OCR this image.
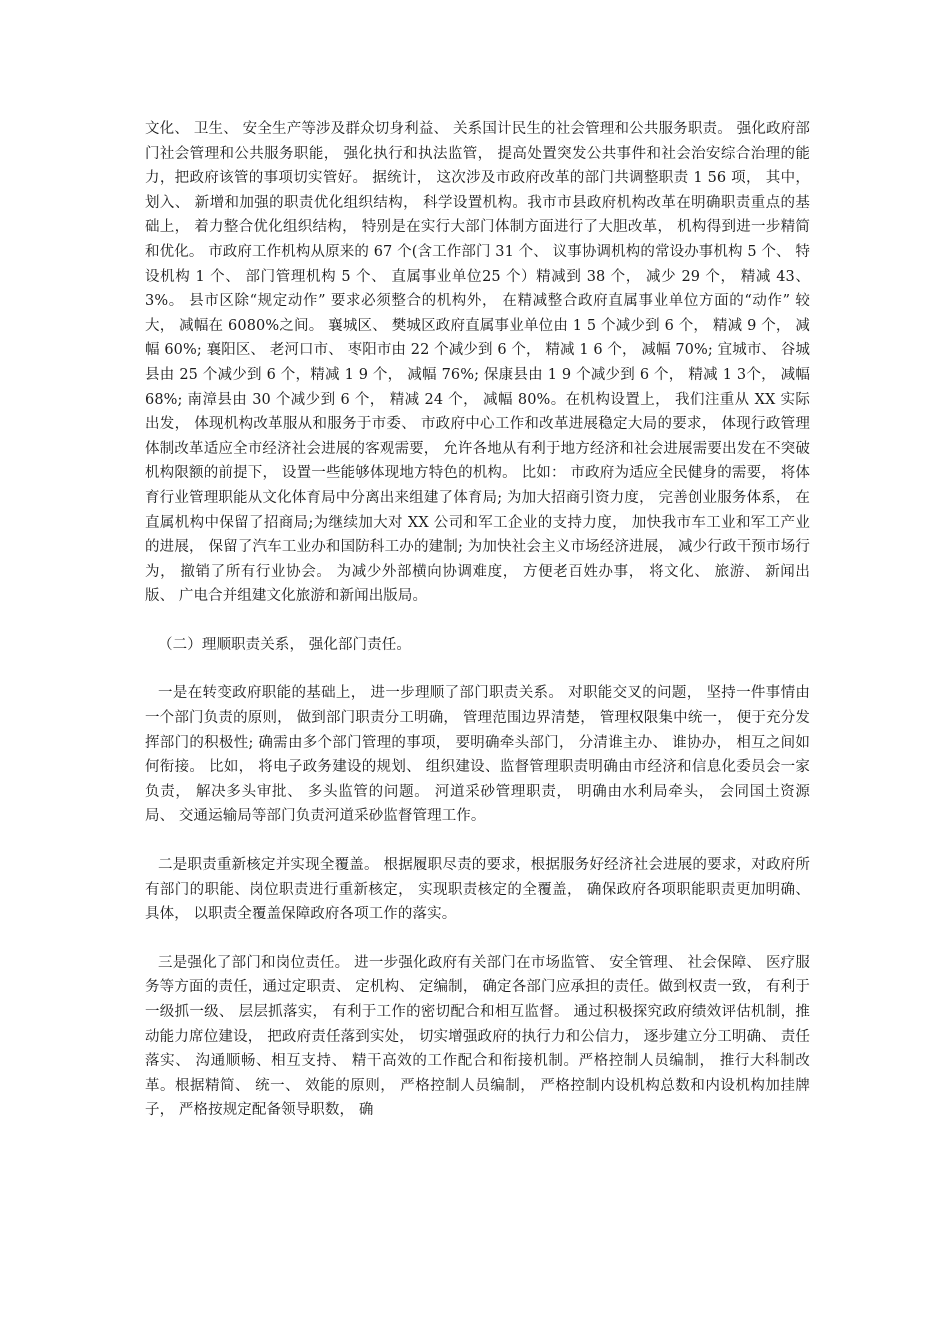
文化、 卫生、 安全生产等涉及群众切身利益、 关系国计民生的社会管理和公共服务职责。 强化政府部门社会管理和公共服务职能， 强化执行和执法监管， 提高处置突发公共事件和社会治安综合治理的能力，把政府该管的事项切实管好。 据统计， 这次涉及市政府改革的部门共调整职责 1 56 项， 其中， 划入、 新增和加强的职责优化组织结构， 科学设置机构。我市市县政府机构改革在明确职责重点的基础上， 着力整合优化组织结构， 特别是在实行大部门体制方面进行了大胆改革， 机构得到进一步精简和优化。 市政府工作机构从原来的 67 个(含工作部门 31 个、 议事协调机构的常设办事机构 5 个、 特设机构 1 个、 部门管理机构 5 个、 直属事业单位25 个）精减到 38 个， 减少 29 个， 精减 43、 3%。 县市区除“规定动作” 要求必须整合的机构外， 在精减整合政府直属事业单位方面的“动作” 较大， 减幅在 6080%之间。 襄城区、 樊城区政府直属事业单位由 1 5 个减少到 6 个， 精减 9 个， 减幅 60%; 襄阳区、 老河口市、 枣阳市由 22 个减少到 6 个， 精减 1 6 个， 减幅 70%; 宜城市、 谷城县由 25 个减少到 6 个，精减 1 9 个， 减幅 76%; 保康县由 1 9 个减少到 6 个， 精减 1 3个， 减幅 68%; 南漳县由 30 个减少到 6 个， 精减 24 个， 减幅 80%。在机构设置上， 我们注重从 XX 实际出发， 体现机构改革服从和服务于市委、 市政府中心工作和改革进展稳定大局的要求， 体现行政管理体制改革适应全市经济社会进展的客观需要， 允许各地从有利于地方经济和社会进展需要出发在不突破机构限额的前提下， 设置一些能够体现地方特色的机构。 比如： 市政府为适应全民健身的需要， 将体育行业管理职能从文化体育局中分离出来组建了体育局; 为加大招商引资力度， 完善创业服务体系， 在直属机构中保留了招商局;为继续加大对 XX 公司和军工企业的支持力度， 加快我市车工业和军工产业的进展， 保留了汽车工业办和国防科工办的建制; 为加快社会主义市场经济进展， 减少行政干预市场行为， 撤销了所有行业协会。 为减少外部横向协调难度， 方便老百姓办事， 将文化、 旅游、 新闻出版、 广电合并组建文化旅游和新闻出版局。

（二）理顺职责关系， 强化部门责任。

一是在转变政府职能的基础上， 进一步理顺了部门职责关系。 对职能交叉的问题， 坚持一件事情由一个部门负责的原则， 做到部门职责分工明确， 管理范围边界清楚， 管理权限集中统一， 便于充分发挥部门的积极性; 确需由多个部门管理的事项， 要明确牵头部门， 分清谁主办、 谁协办， 相互之间如何衔接。 比如， 将电子政务建设的规划、 组织建设、监督管理职责明确由市经济和信息化委员会一家负责， 解决多头审批、 多头监管的问题。 河道采砂管理职责， 明确由水利局牵头， 会同国土资源局、 交通运输局等部门负责河道采砂监督管理工作。

二是职责重新核定并实现全覆盖。 根据履职尽责的要求，根据服务好经济社会进展的要求，对政府所有部门的职能、岗位职责进行重新核定， 实现职责核定的全覆盖， 确保政府各项职能职责更加明确、 具体， 以职责全覆盖保障政府各项工作的落实。

三是强化了部门和岗位责任。 进一步强化政府有关部门在市场监管、 安全管理、 社会保障、 医疗服务等方面的责任，通过定职责、 定机构、 定编制， 确定各部门应承担的责任。做到权责一致， 有利于一级抓一级、 层层抓落实， 有利于工作的密切配合和相互监督。 通过积极探究政府绩效评估机制，推动能力席位建设， 把政府责任落到实处， 切实增强政府的执行力和公信力， 逐步建立分工明确、 责任落实、 沟通顺畅、相互支持、 精干高效的工作配合和衔接机制。严格控制人员编制， 推行大科制改革。根据精简、 统一、 效能的原则， 严格控制人员编制， 严格控制内设机构总数和内设机构加挂牌子， 严格按规定配备领导职数， 确
